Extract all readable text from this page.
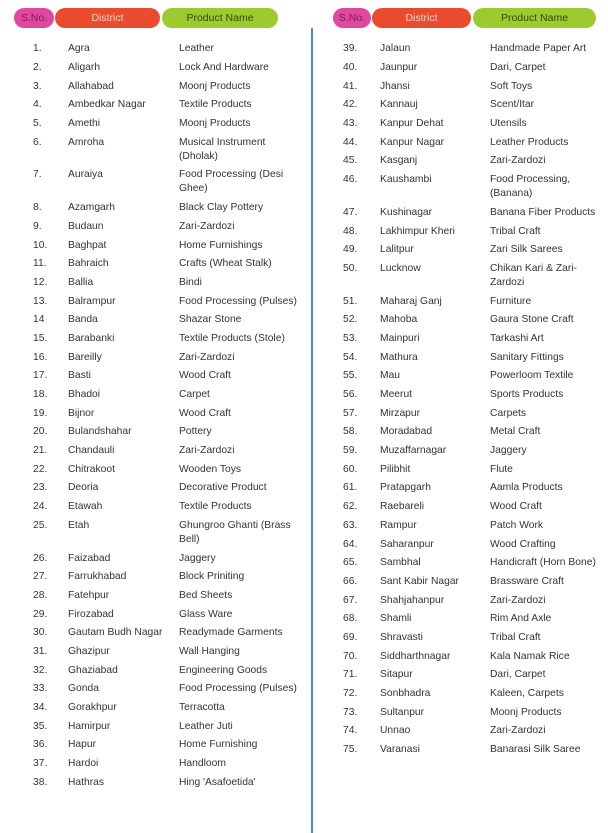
S.No.	District	Product Name	S.No.	District	Product Name
1.	Agra	Leather
2.	Aligarh	Lock And Hardware
3.	Allahabad	Moonj Products
4.	Ambedkar Nagar	Textile Products
5.	Amethi	Moonj Products
6.	Amroha	Musical Instrument (Dholak)
7.	Auraiya	Food Processing (Desi Ghee)
8.	Azamgarh	Black Clay Pottery
9.	Budaun	Zari-Zardozi
10.	Baghpat	Home Furnishings
11.	Bahraich	Crafts (Wheat Stalk)
12.	Ballia	Bindi
13.	Balrampur	Food Processing (Pulses)
14	Banda	Shazar Stone
15.	Barabanki	Textile Products (Stole)
16.	Bareilly	Zari-Zardozi
17.	Basti	Wood Craft
18.	Bhadoi	Carpet
19.	Bijnor	Wood Craft
20.	Bulandshahar	Pottery
21.	Chandauli	Zari-Zardozi
22.	Chitrakoot	Wooden Toys
23.	Deoria	Decorative Product
24.	Etawah	Textile Products
25.	Etah	Ghungroo Ghanti (Brass Bell)
26.	Faizabad	Jaggery
27.	Farrukhabad	Block Priniting
28.	Fatehpur	Bed Sheets
29.	Firozabad	Glass Ware
30.	Gautam Budh Nagar	Readymade Garments
31.	Ghazipur	Wall Hanging
32.	Ghaziabad	Engineering Goods
33.	Gonda	Food Processing (Pulses)
34.	Gorakhpur	Terracotta
35.	Hamirpur	Leather Juti
36.	Hapur	Home Furnishing
37.	Hardoi	Handloom
38.	Hathras	Hing 'Asafoetida'
39.	Jalaun	Handmade Paper Art
40.	Jaunpur	Dari, Carpet
41.	Jhansi	Soft Toys
42.	Kannauj	Scent/Itar
43.	Kanpur Dehat	Utensils
44.	Kanpur Nagar	Leather Products
45.	Kasganj	Zari-Zardozi
46.	Kaushambi	Food Processing, (Banana)
47.	Kushinagar	Banana Fiber Products
48.	Lakhimpur Kheri	Tribal Craft
49.	Lalitpur	Zari Silk Sarees
50.	Lucknow	Chikan Kari & Zari-Zardozi
51.	Maharaj Ganj	Furniture
52.	Mahoba	Gaura Stone Craft
53.	Mainpuri	Tarkashi Art
54.	Mathura	Sanitary Fittings
55.	Mau	Powerloom Textile
56.	Meerut	Sports Products
57.	Mirzapur	Carpets
58.	Moradabad	Metal Craft
59.	Muzaffarnagar	Jaggery
60.	Pilibhit	Flute
61.	Pratapgarh	Aamla Products
62.	Raebareli	Wood Craft
63.	Rampur	Patch Work
64.	Saharanpur	Wood Crafting
65.	Sambhal	Handicraft (Horn Bone)
66.	Sant Kabir Nagar	Brassware Craft
67.	Shahjahanpur	Zari-Zardozi
68.	Shamli	Rim And Axle
69.	Shravasti	Tribal Craft
70.	Siddharthnagar	Kala Namak Rice
71.	Sitapur	Dari, Carpet
72.	Sonbhadra	Kaleen, Carpets
73.	Sultanpur	Moonj Products
74.	Unnao	Zari-Zardozi
75.	Varanasi	Banarasi Silk Saree
